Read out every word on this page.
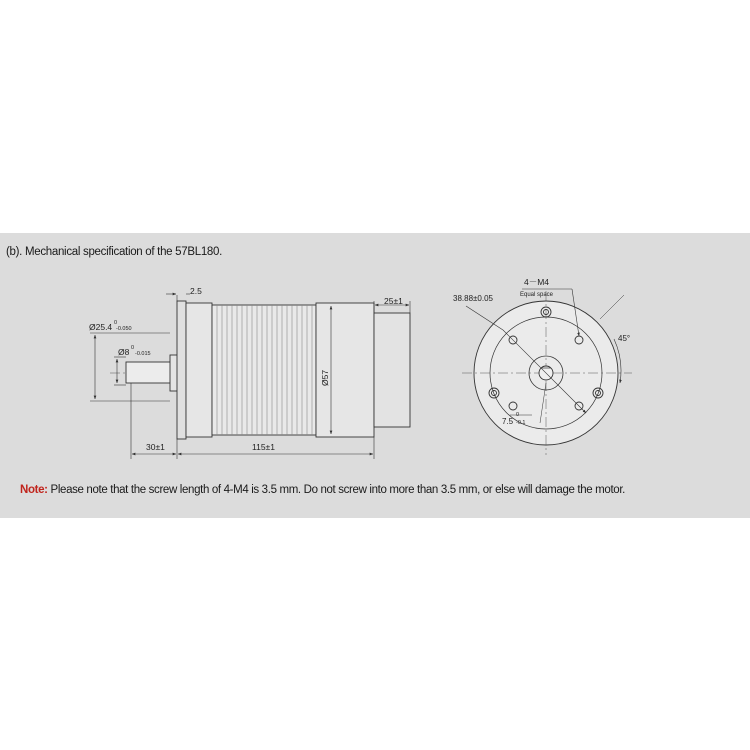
(b). Mechanical specification of the 57BL180.
2.5
25±1
Ø25.4 0
-0.050
Ø8 0
-0.015
Ø57
30±1	115±1
4－M4
Equal space
38.88±0.05
45°
7.5
0
-0.1
Note: Please note that the screw length of 4-M4 is 3.5 mm. Do not screw into more than 3.5 mm, or else will damage the motor.
